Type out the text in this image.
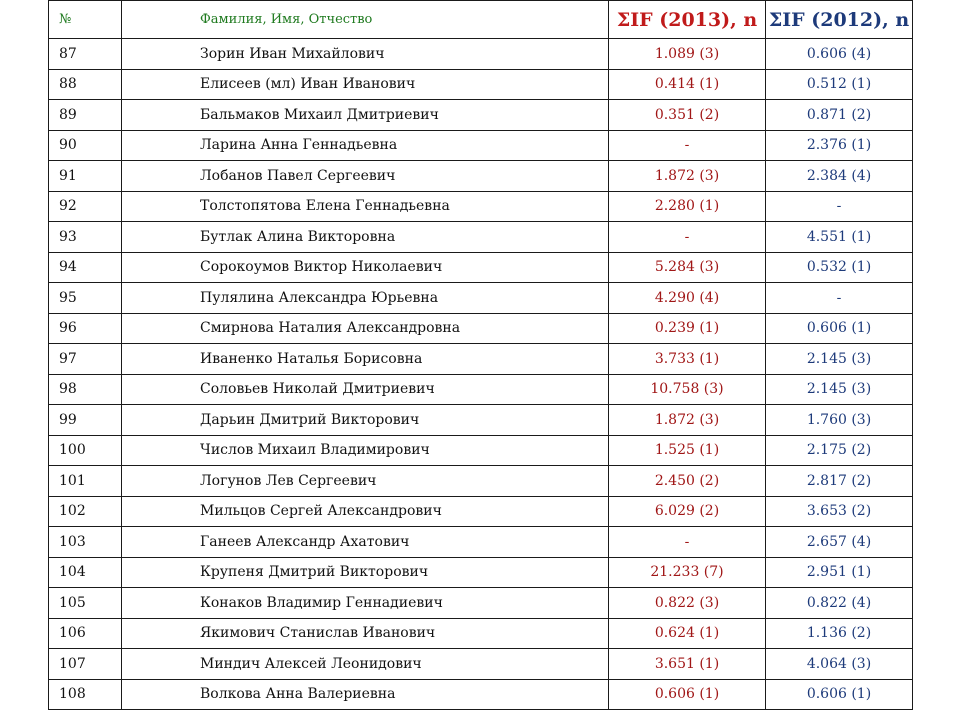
№	Фамилия, Имя, Отчество	ΣIF (2013), n	ΣIF (2012), n
87	Зорин Иван Михайлович	1.089 (3)	0.606 (4)
88	Елисеев (мл) Иван Иванович	0.414 (1)	0.512 (1)
89	Бальмаков Михаил Дмитриевич	0.351 (2)	0.871 (2)
90	Ларина Анна Геннадьевна	-	2.376 (1)
91	Лобанов Павел Сергеевич	1.872 (3)	2.384 (4)
92	Толстопятова Елена Геннадьевна	2.280 (1)	-
93	Бутлак Алина Викторовна	-	4.551 (1)
94	Сорокоумов Виктор Николаевич	5.284 (3)	0.532 (1)
95	Пулялина Александра Юрьевна	4.290 (4)	-
96	Смирнова Наталия Александровна	0.239 (1)	0.606 (1)
97	Иваненко Наталья Борисовна	3.733 (1)	2.145 (3)
98	Соловьев Николай Дмитриевич	10.758 (3)	2.145 (3)
99	Дарьин Дмитрий Викторович	1.872 (3)	1.760 (3)
100	Числов Михаил Владимирович	1.525 (1)	2.175 (2)
101	Логунов Лев Сергеевич	2.450 (2)	2.817 (2)
102	Мильцов Сергей Александрович	6.029 (2)	3.653 (2)
103	Ганеев Александр Ахатович	-	2.657 (4)
104	Крупеня Дмитрий Викторович	21.233 (7)	2.951 (1)
105	Конаков Владимир Геннадиевич	0.822 (3)	0.822 (4)
106	Якимович Станислав Иванович	0.624 (1)	1.136 (2)
107	Миндич Алексей Леонидович	3.651 (1)	4.064 (3)
108	Волкова Анна Валериевна	0.606 (1)	0.606 (1)
